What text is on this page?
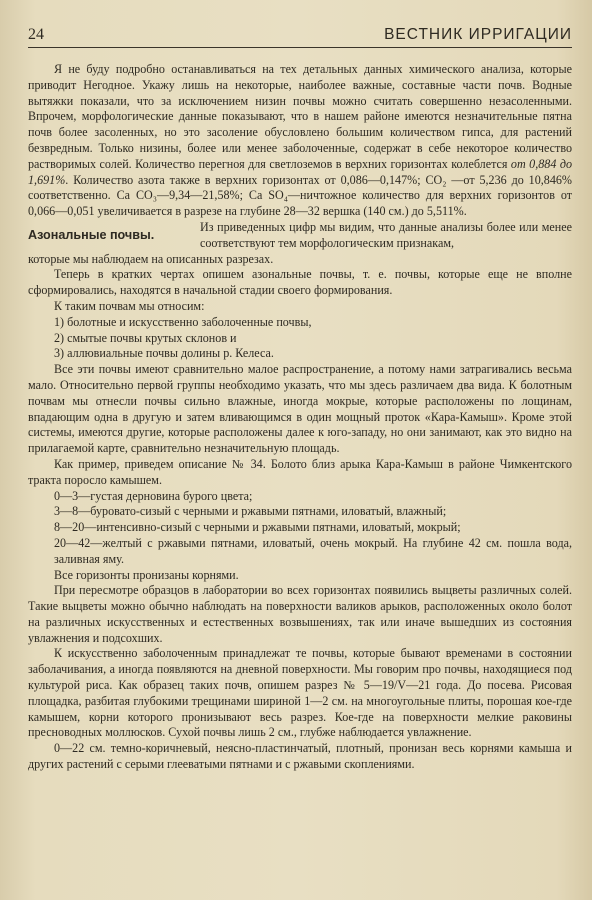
24	ВЕСТНИК ИРРИГАЦИИ

Я не буду подробно останавливаться на тех детальных данных химического анализа, которые приводит Негодное. Укажу лишь на некоторые, наиболее важные, составные части почв. Водные вытяжки показали, что за исключением низин почвы можно считать совершенно незасоленными. Впрочем, морфологические данные показывают, что в нашем районе имеются незначительные пятна почв более засоленных, но это засоление обусловлено большим количеством гипса, для растений безвредным. Только низины, более или менее заболоченные, содержат в себе некоторое количество растворимых солей. Количество перегноя для светлоземов в верхних горизонтах колеблется от 0,884 до 1,691%. Количество азота также в верхних горизонтах от 0,086—0,147%; CO₂ —от 5,236 до 10,846% соответственно. Ca CO₃—9,34—21,58%; Ca SO₄—ничтожное количество для верхних горизонтов от 0,066—0,051 увеличивается в разрезе на глубине 28—32 вершка (140 см.) до 5,511%.

Азональные почвы.
Из приведенных цифр мы видим, что данные анализы более или менее соответствуют тем морфологическим признакам,

которые мы наблюдаем на описанных разрезах.

Теперь в кратких чертах опишем азональные почвы, т. е. почвы, которые еще не вполне сформировались, находятся в начальной стадии своего формирования.

К таким почвам мы относим:

1) болотные и искусственно заболоченные почвы,

2) смытые почвы крутых склонов и

3) аллювиальные почвы долины р. Келеса.

Все эти почвы имеют сравнительно малое распространение, а потому нами затрагивались весьма мало. Относительно первой группы необходимо указать, что мы здесь различаем два вида. К болотным почвам мы отнесли почвы сильно влажные, иногда мокрые, которые расположены по лощинам, впадающим одна в другую и затем вливающимся в один мощный проток «Кара-Камыш». Кроме этой системы, имеются другие, которые расположены далее к юго-западу, но они занимают, как это видно на прилагаемой карте, сравнительно незначительную площадь.

Как пример, приведем описание № 34. Болото близ арыка Кара-Камыш в районе Чимкентского тракта поросло камышем.

0—3—густая дерновина бурого цвета;

3—8—буровато-сизый с черными и ржавыми пятнами, иловатый, влажный;

8—20—интенсивно-сизый с черными и ржавыми пятнами, иловатый, мокрый;

20—42—желтый с ржавыми пятнами, иловатый, очень мокрый. На глубине 42 см. пошла вода, заливная яму.

Все горизонты пронизаны корнями.

При пересмотре образцов в лаборатории во всех горизонтах появились выцветы различных солей. Такие выцветы можно обычно наблюдать на поверхности валиков арыков, расположенных около болот на различных искусственных и естественных возвышениях, так или иначе вышедших из состояния увлажнения и подсохших.

К искусственно заболоченным принадлежат те почвы, которые бывают временами в состоянии заболачивания, а иногда появляются на дневной поверхности. Мы говорим про почвы, находящиеся под культурой риса. Как образец таких почв, опишем разрез № 5—19/V—21 года. До посева. Рисовая площадка, разбитая глубокими трещинами шириной 1—2 см. на многоугольные плиты, порошая кое-где камышем, корни которого пронизывают весь разрез. Кое-где на поверхности мелкие раковины пресноводных моллюсков. Сухой почвы лишь 2 см., глубже наблюдается увлажнение.

0—22 см. темно-коричневый, неясно-пластинчатый, плотный, пронизан весь корнями камыша и других растений с серыми глееватыми пятнами и с ржавыми скоплениями.
